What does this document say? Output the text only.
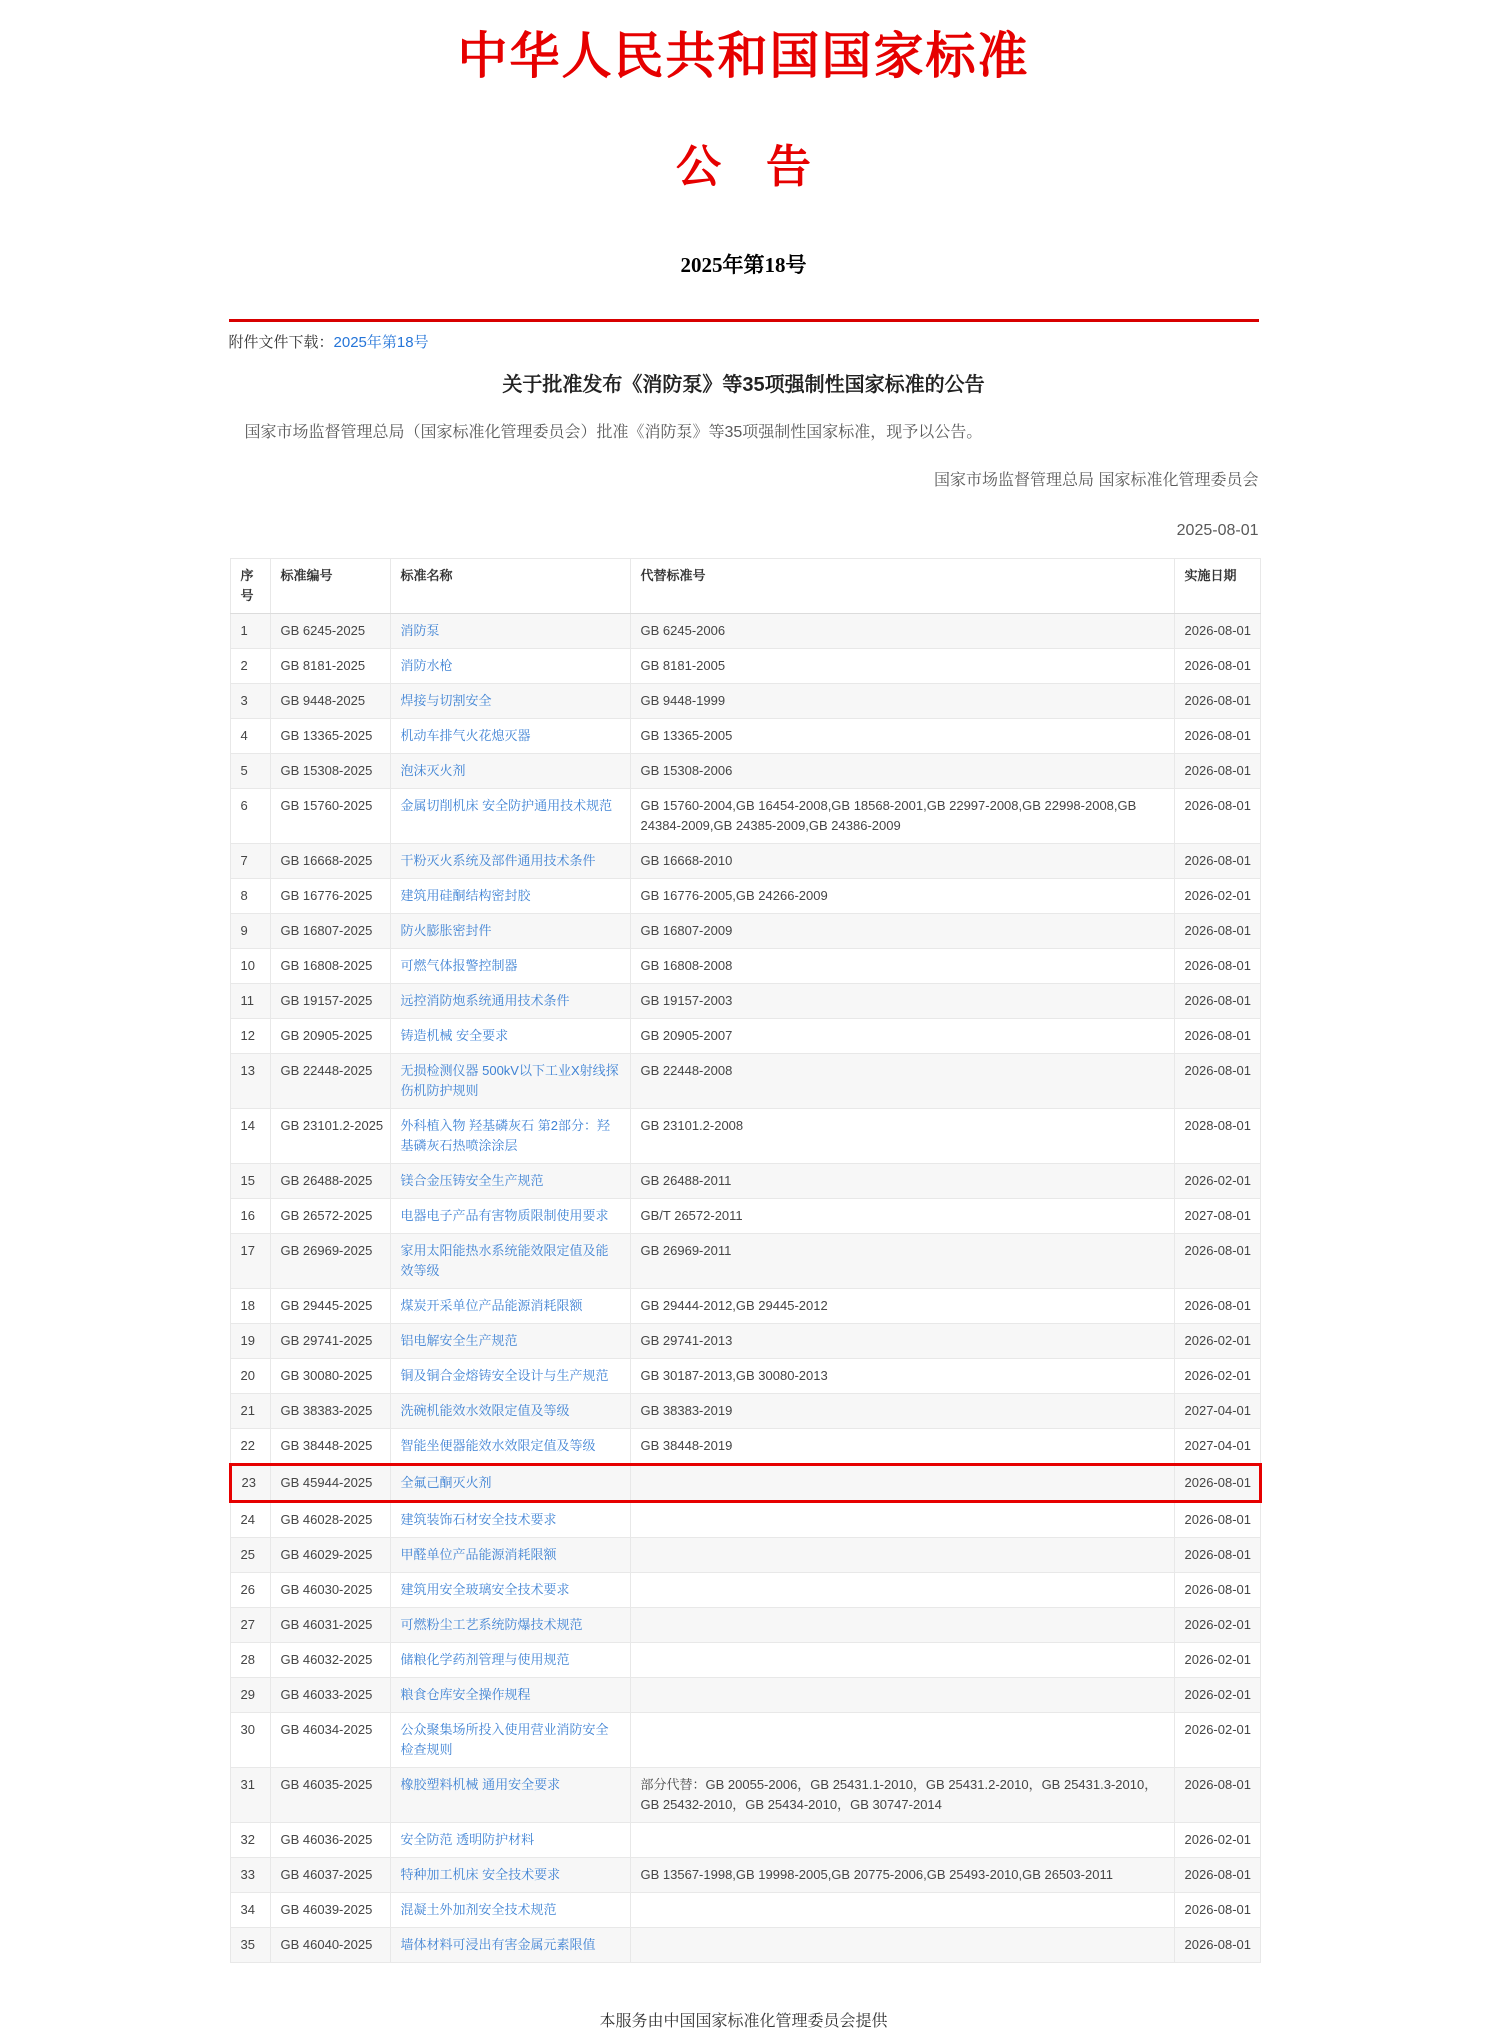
中华人民共和国国家标准
公　告
2025年第18号
附件文件下载：2025年第18号
关于批准发布《消防泵》等35项强制性国家标准的公告

国家市场监督管理总局（国家标准化管理委员会）批准《消防泵》等35项强制性国家标准，现予以公告。

国家市场监督管理总局 国家标准化管理委员会
2025-08-01
序号	标准编号	标准名称	代替标准号	实施日期
1	GB 6245-2025	消防泵	GB 6245-2006	2026-08-01
2	GB 8181-2025	消防水枪	GB 8181-2005	2026-08-01
3	GB 9448-2025	焊接与切割安全	GB 9448-1999	2026-08-01
4	GB 13365-2025	机动车排气火花熄灭器	GB 13365-2005	2026-08-01
5	GB 15308-2025	泡沫灭火剂	GB 15308-2006	2026-08-01
6	GB 15760-2025	金属切削机床 安全防护通用技术规范	GB 15760-2004,GB 16454-2008,GB 18568-2001,GB 22997-2008,GB 22998-2008,GB 24384-2009,GB 24385-2009,GB 24386-2009	2026-08-01
7	GB 16668-2025	干粉灭火系统及部件通用技术条件	GB 16668-2010	2026-08-01
8	GB 16776-2025	建筑用硅酮结构密封胶	GB 16776-2005,GB 24266-2009	2026-02-01
9	GB 16807-2025	防火膨胀密封件	GB 16807-2009	2026-08-01
10	GB 16808-2025	可燃气体报警控制器	GB 16808-2008	2026-08-01
11	GB 19157-2025	远控消防炮系统通用技术条件	GB 19157-2003	2026-08-01
12	GB 20905-2025	铸造机械 安全要求	GB 20905-2007	2026-08-01
13	GB 22448-2025	无损检测仪器 500kV以下工业X射线探伤机防护规则	GB 22448-2008	2026-08-01
14	GB 23101.2-2025	外科植入物 羟基磷灰石 第2部分：羟基磷灰石热喷涂涂层	GB 23101.2-2008	2028-08-01
15	GB 26488-2025	镁合金压铸安全生产规范	GB 26488-2011	2026-02-01
16	GB 26572-2025	电器电子产品有害物质限制使用要求	GB/T 26572-2011	2027-08-01
17	GB 26969-2025	家用太阳能热水系统能效限定值及能效等级	GB 26969-2011	2026-08-01
18	GB 29445-2025	煤炭开采单位产品能源消耗限额	GB 29444-2012,GB 29445-2012	2026-08-01
19	GB 29741-2025	铝电解安全生产规范	GB 29741-2013	2026-02-01
20	GB 30080-2025	铜及铜合金熔铸安全设计与生产规范	GB 30187-2013,GB 30080-2013	2026-02-01
21	GB 38383-2025	洗碗机能效水效限定值及等级	GB 38383-2019	2027-04-01
22	GB 38448-2025	智能坐便器能效水效限定值及等级	GB 38448-2019	2027-04-01
23	GB 45944-2025	全氟己酮灭火剂		2026-08-01
24	GB 46028-2025	建筑装饰石材安全技术要求		2026-08-01
25	GB 46029-2025	甲醛单位产品能源消耗限额		2026-08-01
26	GB 46030-2025	建筑用安全玻璃安全技术要求		2026-08-01
27	GB 46031-2025	可燃粉尘工艺系统防爆技术规范		2026-02-01
28	GB 46032-2025	储粮化学药剂管理与使用规范		2026-02-01
29	GB 46033-2025	粮食仓库安全操作规程		2026-02-01
30	GB 46034-2025	公众聚集场所投入使用营业消防安全检查规则		2026-02-01
31	GB 46035-2025	橡胶塑料机械 通用安全要求	部分代替：GB 20055-2006，GB 25431.1-2010，GB 25431.2-2010，GB 25431.3-2010，GB 25432-2010，GB 25434-2010，GB 30747-2014	2026-08-01
32	GB 46036-2025	安全防范 透明防护材料		2026-02-01
33	GB 46037-2025	特种加工机床 安全技术要求	GB 13567-1998,GB 19998-2005,GB 20775-2006,GB 25493-2010,GB 26503-2011	2026-08-01
34	GB 46039-2025	混凝土外加剂安全技术规范		2026-08-01
35	GB 46040-2025	墙体材料可浸出有害金属元素限值		2026-08-01
本服务由中国国家标准化管理委员会提供
